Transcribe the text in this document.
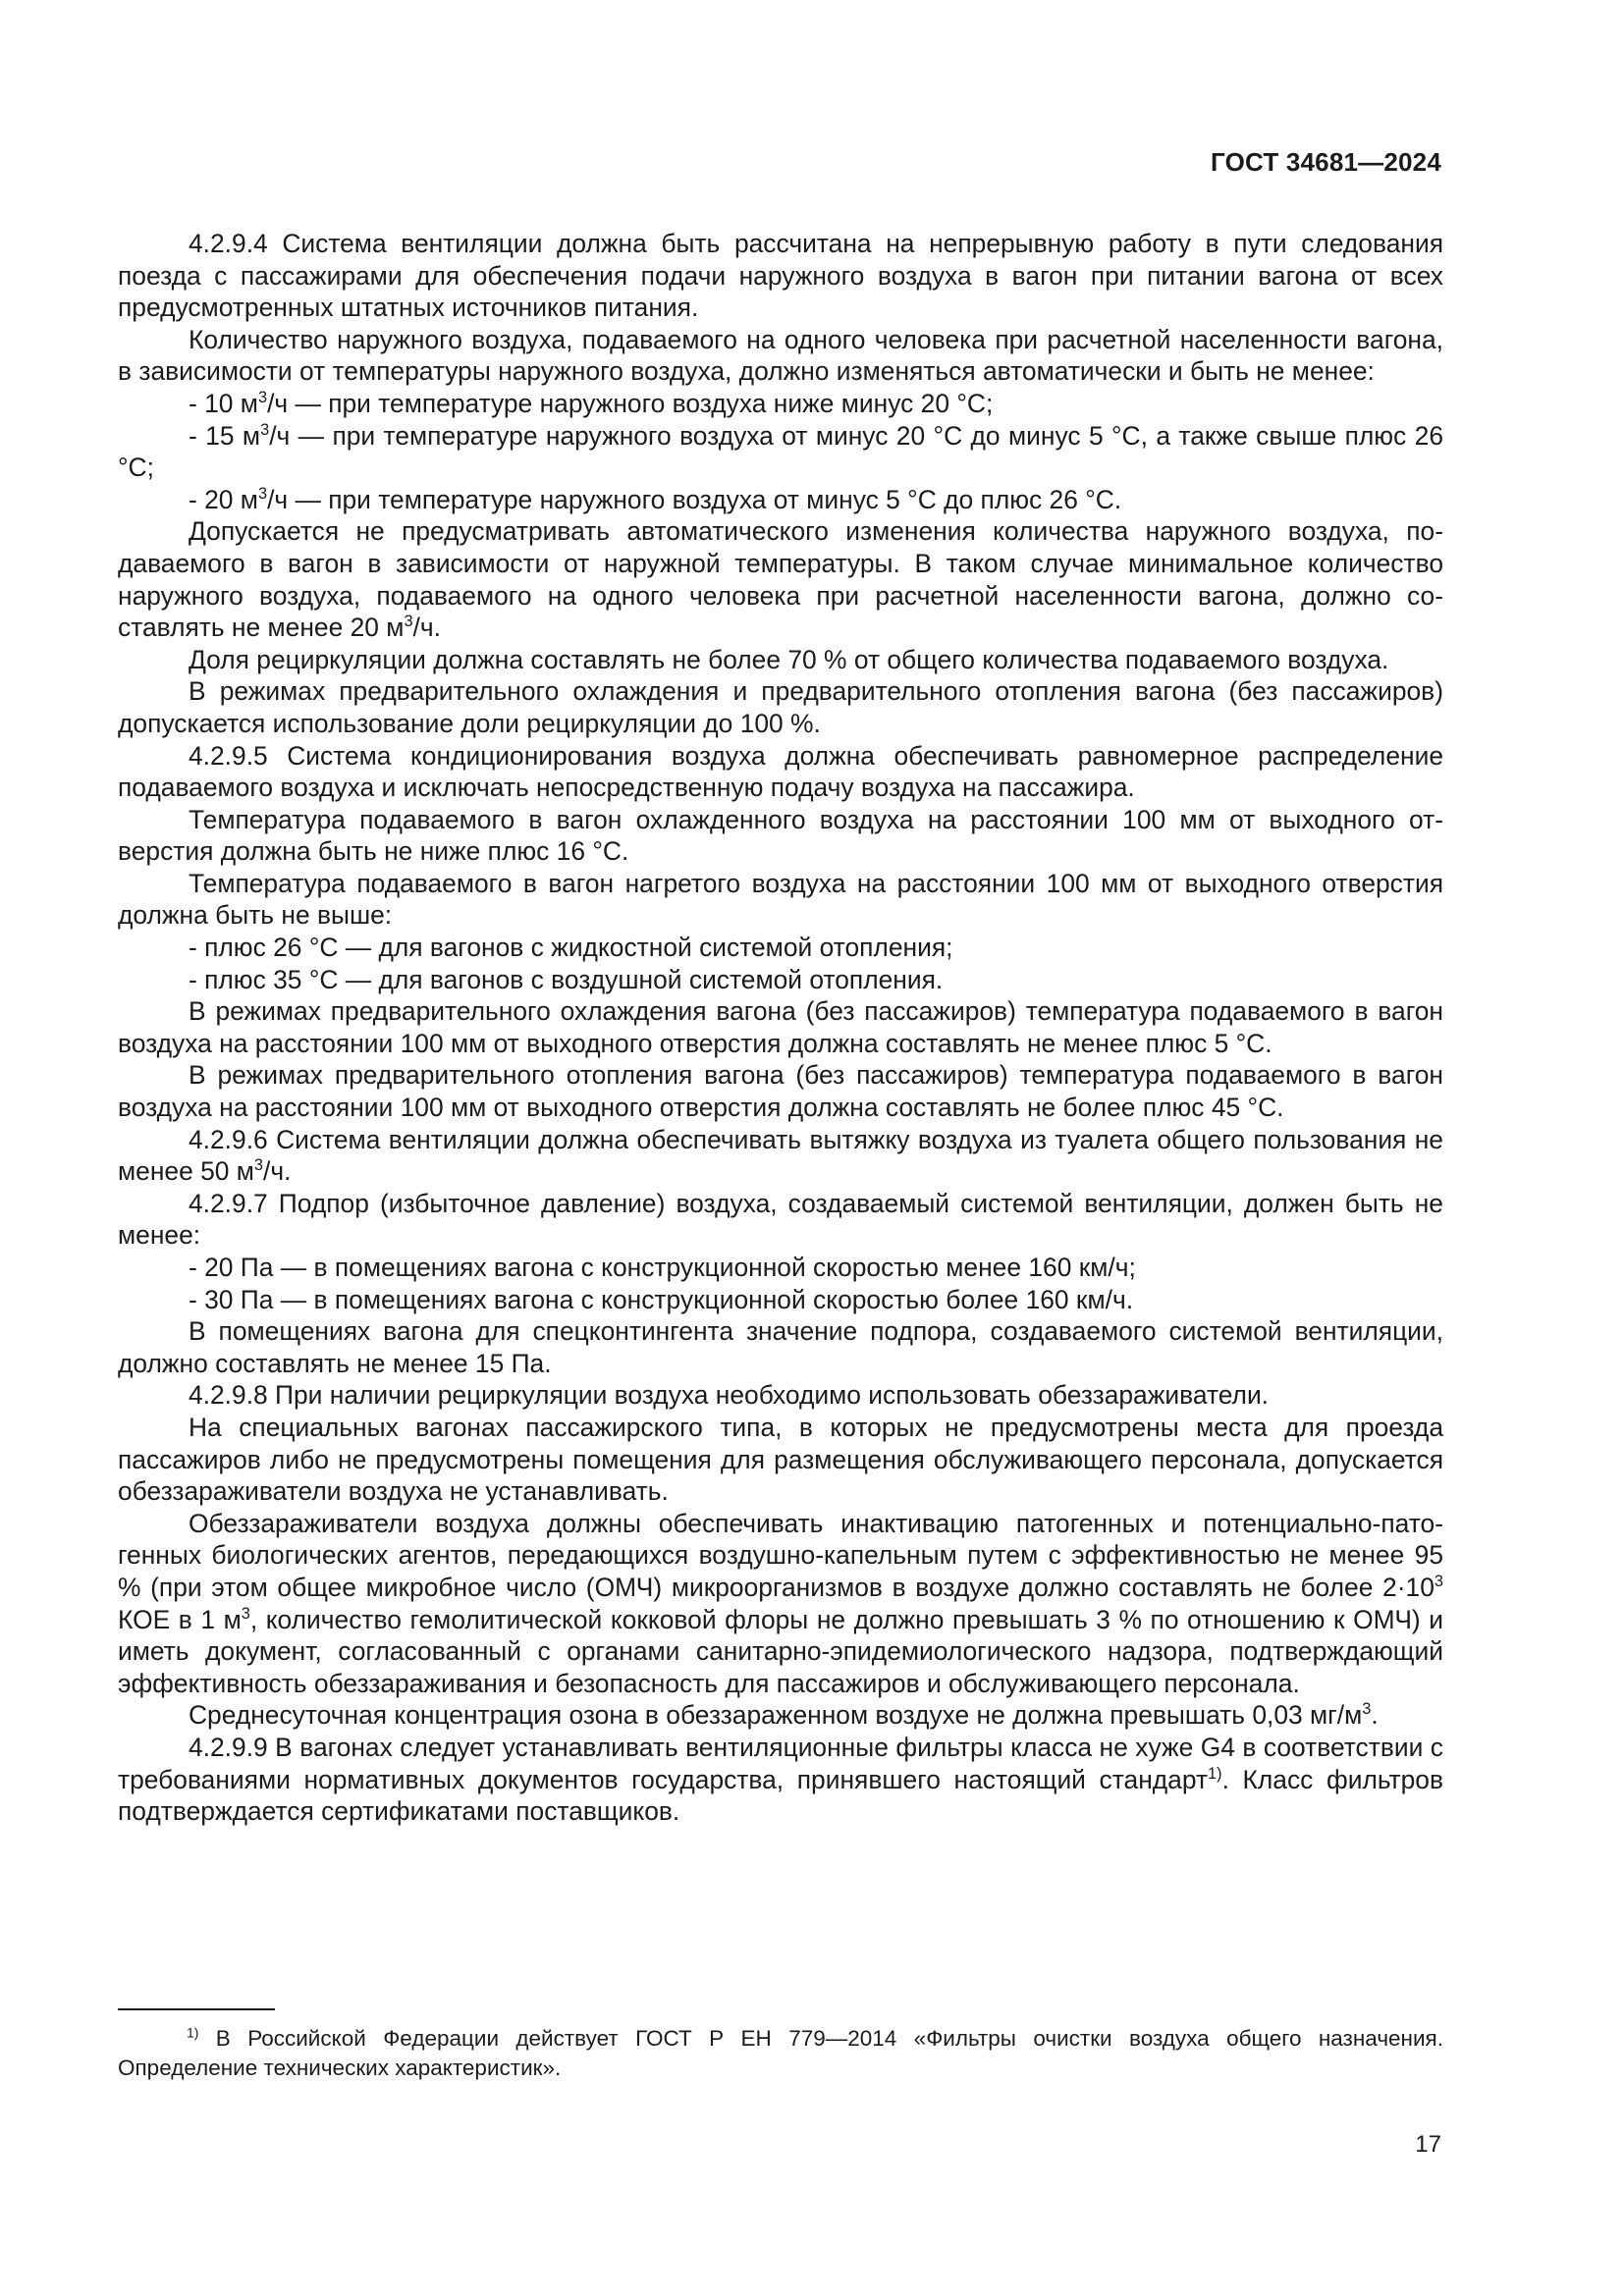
ГОСТ 34681—2024

4.2.9.4 Система вентиляции должна быть рассчитана на непрерывную работу в пути следования поезда с пассажирами для обеспечения подачи наружного воздуха в вагон при питании вагона от всех предусмотренных штатных источников питания.

Количество наружного воздуха, подаваемого на одного человека при расчетной населенности вагона, в зависимости от температуры наружного воздуха, должно изменяться автоматически и быть не менее:

- 10 $м^3/ч$ — при температуре наружного воздуха ниже минус 20 °С;

- 15 $м^3/ч$ — при температуре наружного воздуха от минус 20 °С до минус 5 °С, а также свыше плюс 26 °С;

- 20 $м^3/ч$ — при температуре наружного воздуха от минус 5 °С до плюс 26 °С.

Допускается не предусматривать автоматического изменения количества наружного воздуха, подаваемого в вагон в зависимости от наружной температуры. В таком случае минимальное количество наружного воздуха, подаваемого на одного человека при расчетной населенности вагона, должно составлять не менее 20 $м^3/ч$.

Доля рециркуляции должна составлять не более 70 % от общего количества подаваемого воздуха.

В режимах предварительного охлаждения и предварительного отопления вагона (без пассажиров) допускается использование доли рециркуляции до 100 %.

4.2.9.5 Система кондиционирования воздуха должна обеспечивать равномерное распределение подаваемого воздуха и исключать непосредственную подачу воздуха на пассажира.

Температура подаваемого в вагон охлажденного воздуха на расстоянии 100 мм от выходного отверстия должна быть не ниже плюс 16 °С.

Температура подаваемого в вагон нагретого воздуха на расстоянии 100 мм от выходного отверстия должна быть не выше:

- плюс 26 °С — для вагонов с жидкостной системой отопления;

- плюс 35 °С — для вагонов с воздушной системой отопления.

В режимах предварительного охлаждения вагона (без пассажиров) температура подаваемого в вагон воздуха на расстоянии 100 мм от выходного отверстия должна составлять не менее плюс 5 °С.

В режимах предварительного отопления вагона (без пассажиров) температура подаваемого в вагон воздуха на расстоянии 100 мм от выходного отверстия должна составлять не более плюс 45 °С.

4.2.9.6 Система вентиляции должна обеспечивать вытяжку воздуха из туалета общего пользования не менее 50 $м^3/ч$.

4.2.9.7 Подпор (избыточное давление) воздуха, создаваемый системой вентиляции, должен быть не менее:

- 20 Па — в помещениях вагона с конструкционной скоростью менее 160 км/ч;

- 30 Па — в помещениях вагона с конструкционной скоростью более 160 км/ч.

В помещениях вагона для спецконтингента значение подпора, создаваемого системой вентиляции, должно составлять не менее 15 Па.

4.2.9.8 При наличии рециркуляции воздуха необходимо использовать обеззараживатели.

На специальных вагонах пассажирского типа, в которых не предусмотрены места для проезда пассажиров либо не предусмотрены помещения для размещения обслуживающего персонала, допускается обеззараживатели воздуха не устанавливать.

Обеззараживатели воздуха должны обеспечивать инактивацию патогенных и потенциально-патогенных биологических агентов, передающихся воздушно-капельным путем с эффективностью не менее 95 % (при этом общее микробное число (ОМЧ) микроорганизмов в воздухе должно составлять не более $2\cdot 10^3$ КОЕ в 1 $м^3$, количество гемолитической кокковой флоры не должно превышать 3 % по отношению к ОМЧ) и иметь документ, согласованный с органами санитарно-эпидемиологического надзора, подтверждающий эффективность обеззараживания и безопасность для пассажиров и обслуживающего персонала.

Среднесуточная концентрация озона в обеззараженном воздухе не должна превышать 0,03 $мг/м^3$.

4.2.9.9 В вагонах следует устанавливать вентиляционные фильтры класса не хуже G4 в соответствии с требованиями нормативных документов государства, принявшего настоящий стандарт$^{1)}$. Класс фильтров подтверждается сертификатами поставщиков.

$^{1)}$ В Российской Федерации действует ГОСТ Р ЕН 779—2014 «Фильтры очистки воздуха общего назначения. Определение технических характеристик».
17
